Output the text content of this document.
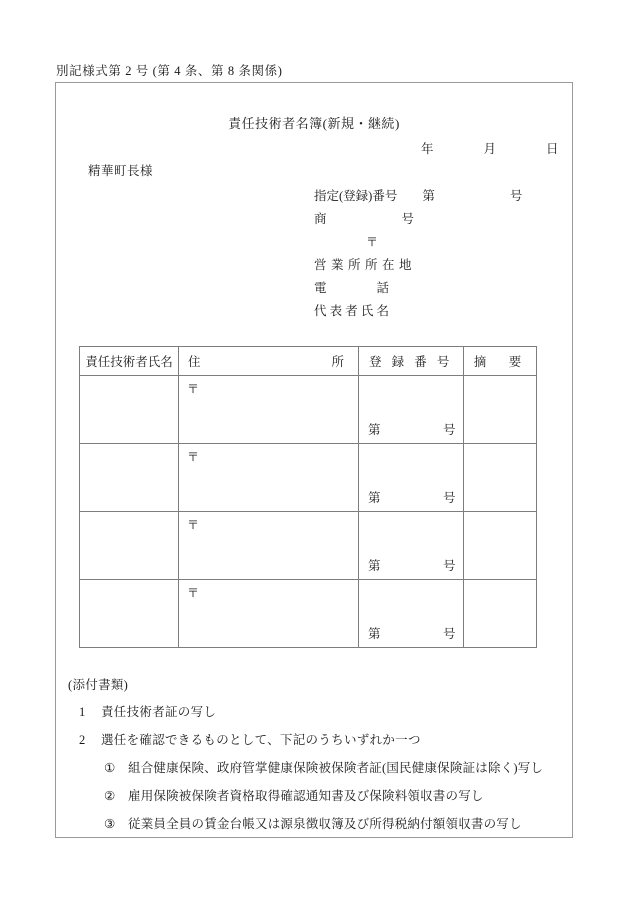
別記様式第 2 号 (第 4 条、第 8 条関係)
責任技術者名簿(新規・継続)
年　　　　月　　　　日
精華町長様
指定(登録)番号　　 第　　　　　　号
商　　　　　　号
〒
営業所所在地
電　　　　話
代 表 者 氏 名
責任技術者氏名	住 所	登 録 番 号	摘　要

	〒	第　　　　　号	

	〒	第　　　　　号	

	〒	第　　　　　号	

	〒	第　　　　　号	

(添付書類)
1 責任技術者証の写し
2 選任を確認できるものとして、下記のうちいずれか一つ
① 組合健康保険、政府管掌健康保険被保険者証(国民健康保険証は除く)写し
② 雇用保険被保険者資格取得確認通知書及び保険料領収書の写し
③ 従業員全員の賃金台帳又は源泉徴収簿及び所得税納付額領収書の写し
